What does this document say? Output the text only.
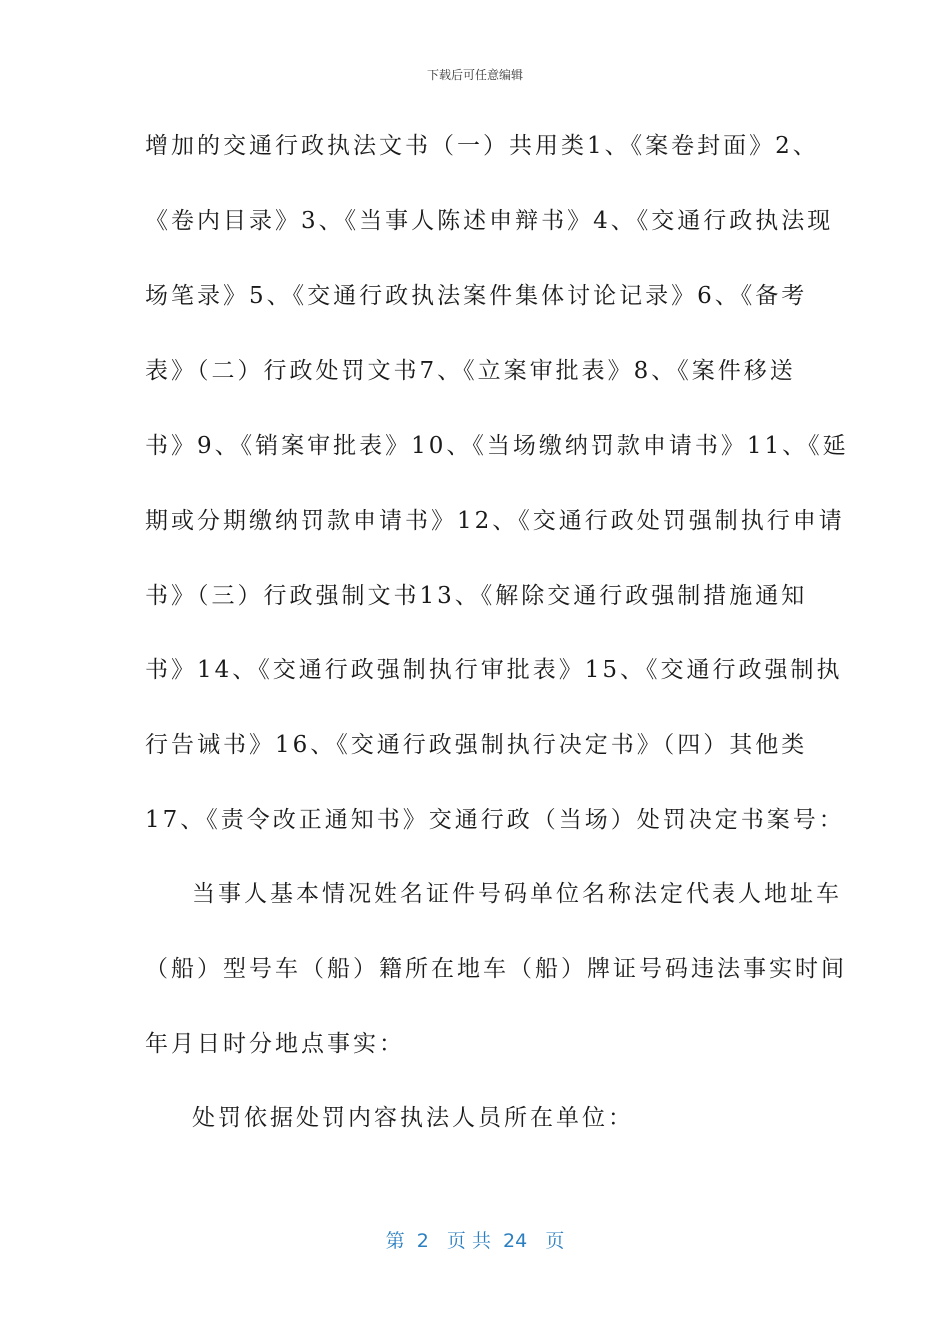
下载后可任意编辑
增加的交通行政执法文书（一）共用类1、《案卷封面》2、
《卷内目录》3、《当事人陈述申辩书》4、《交通行政执法现
场笔录》5、《交通行政执法案件集体讨论记录》6、《备考
表》（二）行政处罚文书7、《立案审批表》8、《案件移送
书》9、《销案审批表》10、《当场缴纳罚款申请书》11、《延
期或分期缴纳罚款申请书》12、《交通行政处罚强制执行申请
书》（三）行政强制文书13、《解除交通行政强制措施通知
书》14、《交通行政强制执行审批表》15、《交通行政强制执
行告诫书》16、《交通行政强制执行决定书》（四）其他类
17、《责令改正通知书》交通行政（当场）处罚决定书案号：
当事人基本情况姓名证件号码单位名称法定代表人地址车
（船）型号车（船）籍所在地车（船）牌证号码违法事实时间
年月日时分地点事实：
处罚依据处罚内容执法人员所在单位：
第  2   页 共  24   页
